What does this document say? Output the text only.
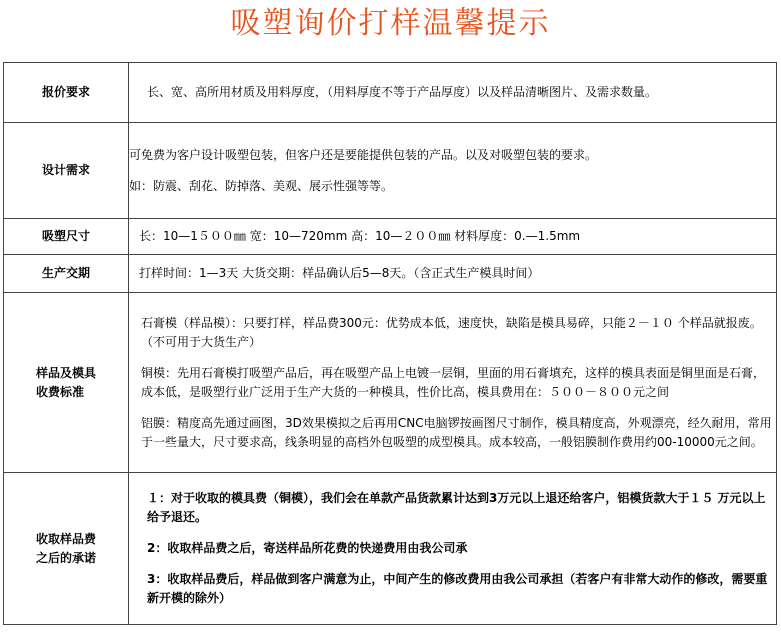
吸塑询价打样温馨提示
报价要求	长、宽、高所用材质及用料厚度，（用料厚度不等于产品厚度）以及样品清晰图片、及需求数量。

设计需求	可免费为客户设计吸塑包装，但客户还是要能提供包装的产品。以及对吸塑包装的要求。
如：防震、刮花、防掉落、美观、展示性强等等。

吸塑尺寸	长：10—1５００㎜ 宽：10—720mm 高：10—２００㎜ 材料厚度：0.—1.5mm

生产交期	打样时间：1—3天 大货交期：样品确认后5—8天。（含正式生产模具时间）

样品及模具
收费标准	石膏模（样品模）：只要打样，样品费300元：优势成本低，速度快，缺陷是模具易碎，只能２－１０ 个样品就报废。（不可用于大货生产）
铜模：先用石膏模打吸塑产品后，再在吸塑产品上电镀一层铜，里面的用石膏填充，这样的模具表面是铜里面是石膏，成本低，是吸塑行业广泛用于生产大货的一种模具，性价比高，模具费用在：５００－８００元之间
铝膜：精度高先通过画图，3D效果模拟之后再用CNC电脑锣按画图尺寸制作，模具精度高，外观漂亮，经久耐用，常用于一些量大，尺寸要求高，线条明显的高档外包吸塑的成型模具。成本较高，一般铝膜制作费用约00-10000元之间。

收取样品费
之后的承诺	１：对于收取的模具费（铜模），我们会在单款产品货款累计达到3万元以上退还给客户，铝模货款大于１５ 万元以上给予退还。
2：收取样品费之后，寄送样品所花费的快递费用由我公司承
3：收取样品费后，样品做到客户满意为止，中间产生的修改费用由我公司承担（若客户有非常大动作的修改，需要重新开模的除外）
